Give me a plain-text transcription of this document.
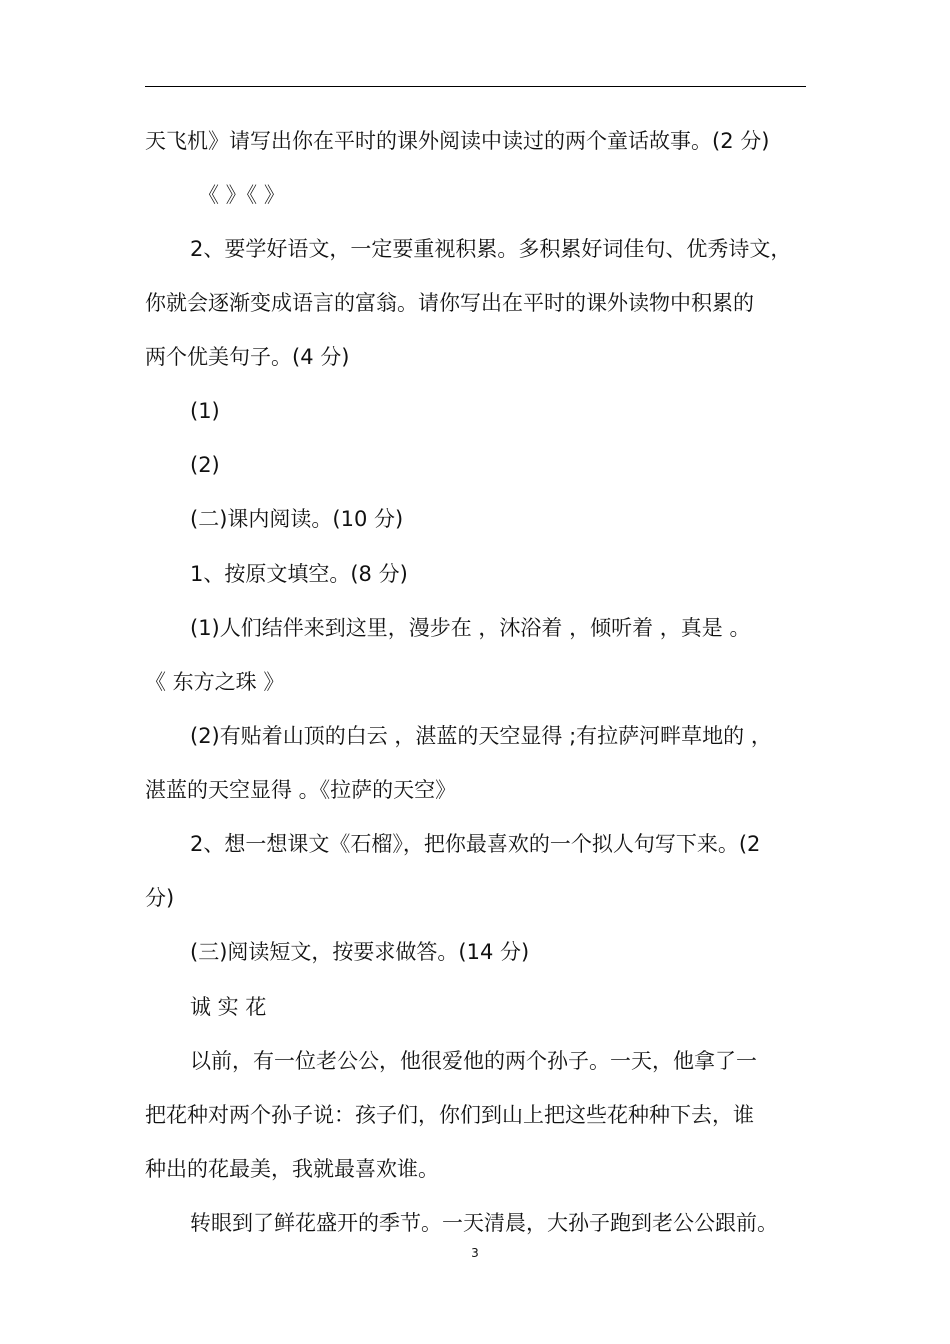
天飞机》请写出你在平时的课外阅读中读过的两个童话故事。(2 分)
《 》《 》
2、要学好语文，一定要重视积累。多积累好词佳句、优秀诗文，
你就会逐渐变成语言的富翁。请你写出在平时的课外读物中积累的
两个优美句子。(4 分)
(1)
(2)
(二)课内阅读。(10 分)
1、按原文填空。(8 分)
(1)人们结伴来到这里，漫步在 ，沐浴着 ，倾听着 ，真是 。
《 东方之珠 》
(2)有贴着山顶的白云 ，湛蓝的天空显得 ;有拉萨河畔草地的 ，
湛蓝的天空显得 。《拉萨的天空》
2、想一想课文《石榴》，把你最喜欢的一个拟人句写下来。(2
分)
(三)阅读短文，按要求做答。(14 分)
诚 实 花
以前，有一位老公公，他很爱他的两个孙子。一天，他拿了一
把花种对两个孙子说：孩子们，你们到山上把这些花种种下去，谁
种出的花最美，我就最喜欢谁。
转眼到了鲜花盛开的季节。一天清晨，大孙子跑到老公公跟前。
3
